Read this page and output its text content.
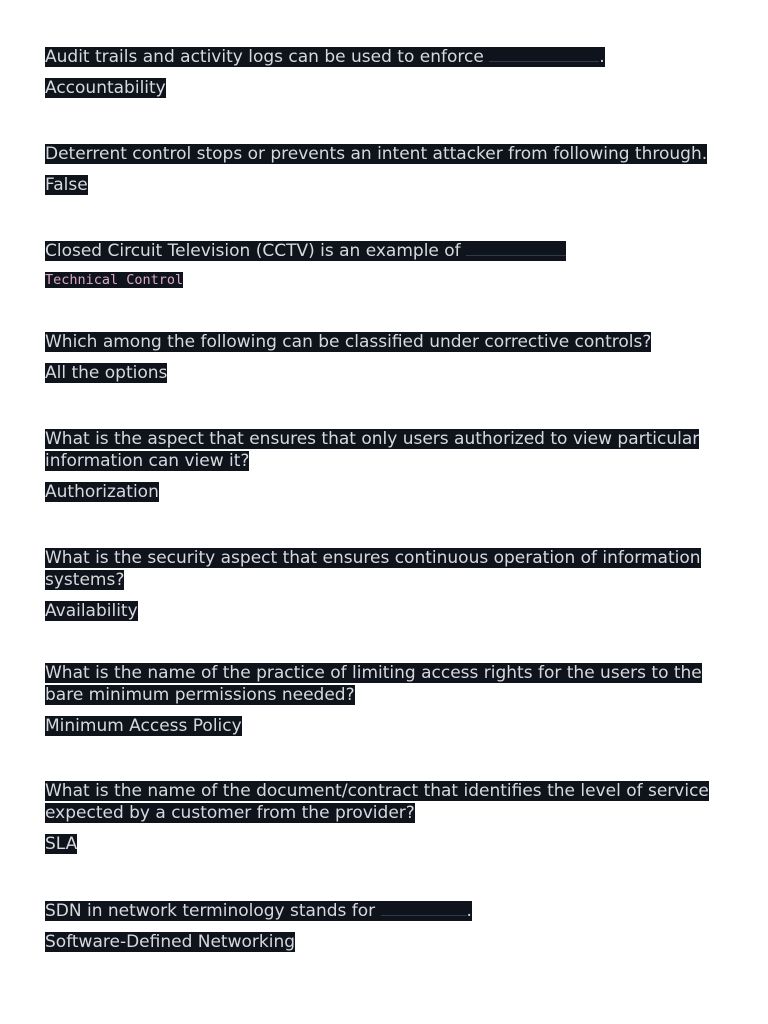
Audit trails and activity logs can be used to enforce	.

Accountability

Deterrent control stops or prevents an intent attacker from following through.

False

Closed Circuit Television (CCTV) is an example of

Technical Control

Which among the following can be classified under corrective controls?

All the options

What is the aspect that ensures that only users authorized to view particular information can view it?

Authorization

What is the security aspect that ensures continuous operation of information systems?

Availability

What is the name of the practice of limiting access rights for the users to the bare minimum permissions needed?

Minimum Access Policy

What is the name of the document/contract that identifies the level of service expected by a customer from the provider?

SLA

SDN in network terminology stands for	.

Software-Defined Networking
